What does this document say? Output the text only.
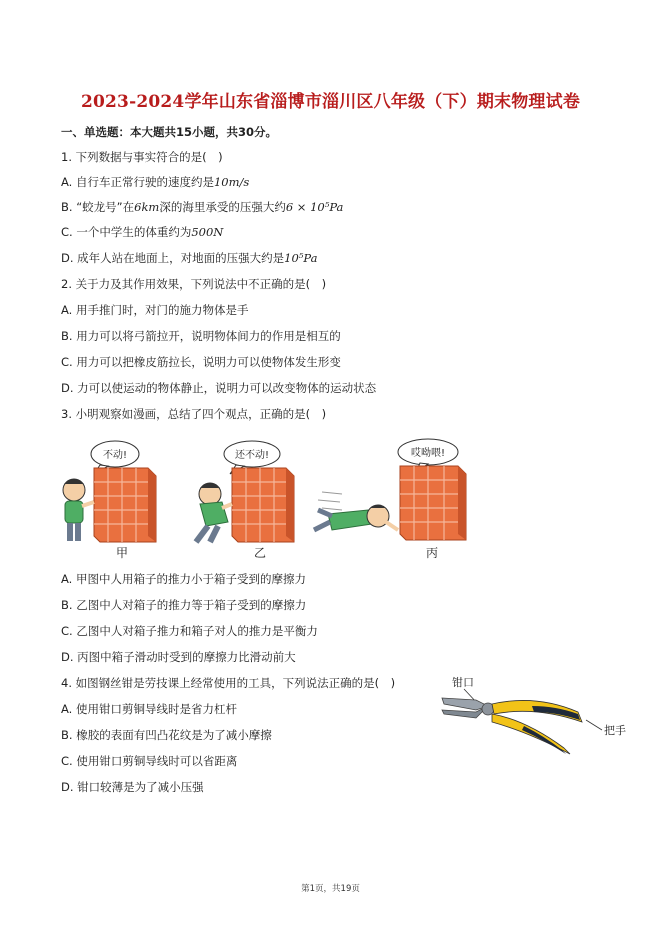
2023-2024学年山东省淄博市淄川区八年级（下）期末物理试卷
一、单选题：本大题共15小题，共30分。
1. 下列数据与事实符合的是(　)
A. 自行车正常行驶的速度约是10m/s
B. “蛟龙号”在6km深的海里承受的压强大约6 × 10⁵Pa
C. 一个中学生的体重约为500N
D. 成年人站在地面上，对地面的压强大约是10⁵Pa
2. 关于力及其作用效果，下列说法中不正确的是(　)
A. 用手推门时，对门的施力物体是手
B. 用力可以将弓箭拉开，说明物体间力的作用是相互的
C. 用力可以把橡皮筋拉长，说明力可以使物体发生形变
D. 力可以使运动的物体静止，说明力可以改变物体的运动状态
3. 小明观察如漫画，总结了四个观点，正确的是(　)
不动!
甲
还不动!
乙
哎呦喂!
丙
A. 甲图中人用箱子的推力小于箱子受到的摩擦力
B. 乙图中人对箱子的推力等于箱子受到的摩擦力
C. 乙图中人对箱子推力和箱子对人的推力是平衡力
D. 丙图中箱子滑动时受到的摩擦力比滑动前大
4. 如图钢丝钳是劳技课上经常使用的工具，下列说法正确的是(　)
A. 使用钳口剪铜导线时是省力杠杆
B. 橡胶的表面有凹凸花纹是为了减小摩擦
C. 使用钳口剪铜导线时可以省距离
D. 钳口较薄是为了减小压强
钳口
把手
第1页，共19页
